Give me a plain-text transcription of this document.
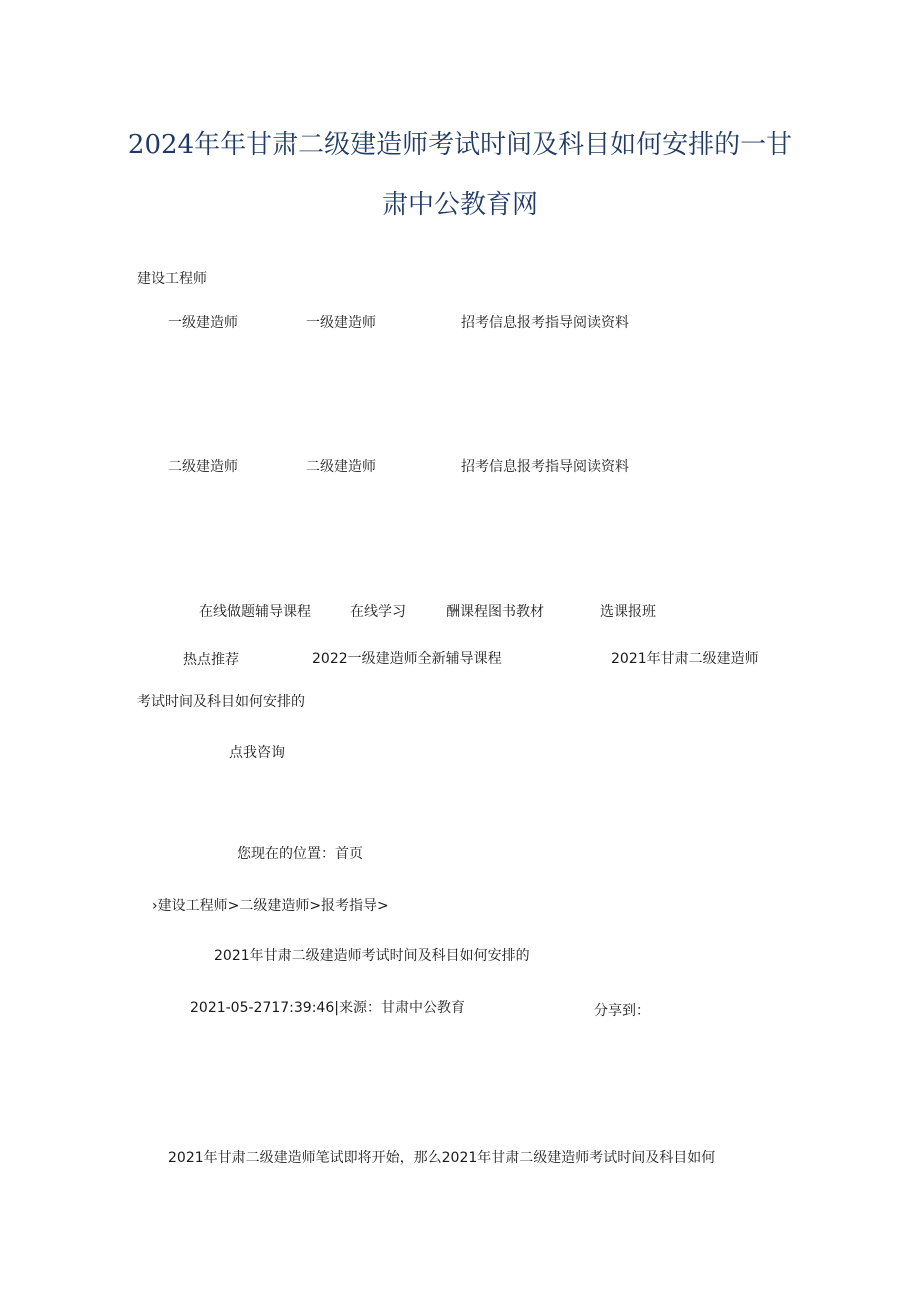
2024年年甘肃二级建造师考试时间及科目如何安排的一甘
肃中公教育网
建设工程师
一级建造师	一级建造师	招考信息报考指导阅读资料
二级建造师	二级建造师	招考信息报考指导阅读资料
在线做题辅导课程	在线学习	酬课程图书教材	选课报班
热点推荐	2022一级建造师全新辅导课程	2021年甘肃二级建造师
考试时间及科目如何安排的
点我咨询
您现在的位置：首页
›建设工程师>二级建造师>报考指导>
2021年甘肃二级建造师考试时间及科目如何安排的
2021-05-2717:39:46|来源：甘肃中公教育	分享到：
2021年甘肃二级建造师笔试即将开始，那么2021年甘肃二级建造师考试时间及科目如何
